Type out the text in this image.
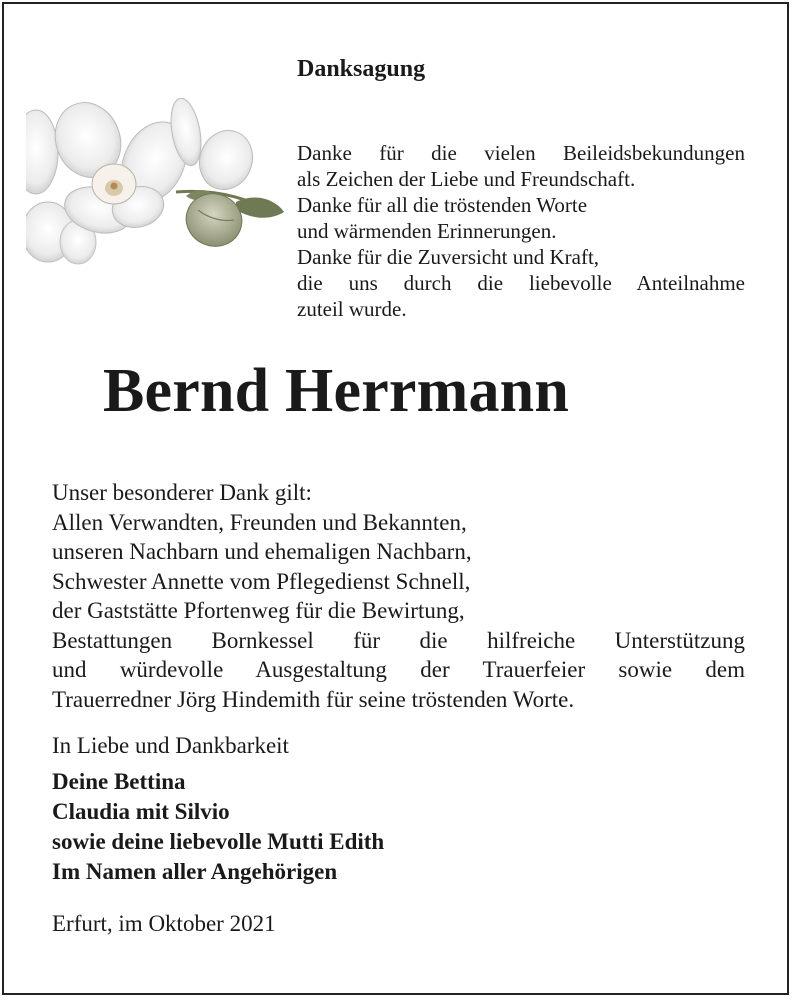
Danksagung
Danke für die vielen Beileidsbekundungen
als Zeichen der Liebe und Freundschaft.
Danke für all die tröstenden Worte
und wärmenden Erinnerungen.
Danke für die Zuversicht und Kraft,
die uns durch die liebevolle Anteilnahme
zuteil wurde.
Bernd Herrmann
Unser besonderer Dank gilt:
Allen Verwandten, Freunden und Bekannten,
unseren Nachbarn und ehemaligen Nachbarn,
Schwester Annette vom Pflegedienst Schnell,
der Gaststätte Pfortenweg für die Bewirtung,
Bestattungen Bornkessel für die hilfreiche Unterstützung
und würdevolle Ausgestaltung der Trauerfeier sowie dem
Trauerredner Jörg Hindemith für seine tröstenden Worte.
In Liebe und Dankbarkeit
Deine Bettina
Claudia mit Silvio
sowie deine liebevolle Mutti Edith
Im Namen aller Angehörigen
Erfurt, im Oktober 2021
